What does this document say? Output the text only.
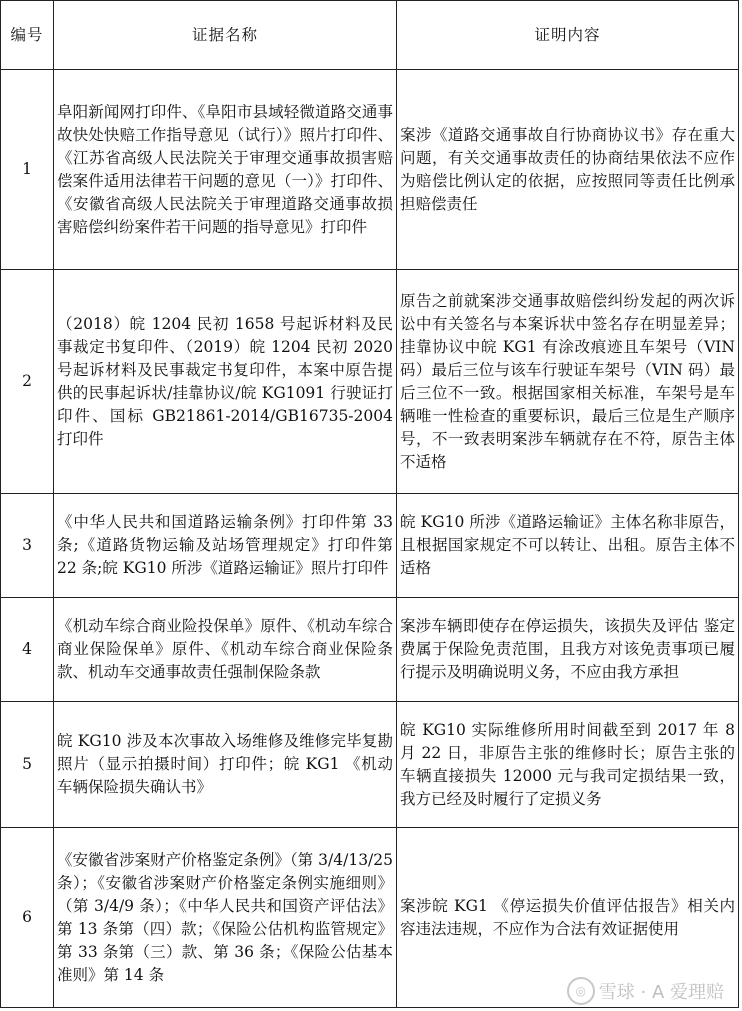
编号	证据名称	证明内容
1	阜阳新闻网打印件、《阜阳市县域轻微道路交通事故快处快赔工作指导意见（试行）》照片打印件、《江苏省高级人民法院关于审理交通事故损害赔偿案件适用法律若干问题的意见（一）》打印件、《安徽省高级人民法院关于审理道路交通事故损害赔偿纠纷案件若干问题的指导意见》打印件	案涉《道路交通事故自行协商协议书》存在重大问题，有关交通事故责任的协商结果依法不应作为赔偿比例认定的依据，应按照同等责任比例承担赔偿责任
2	（2018）皖 1204 民初 1658 号起诉材料及民事裁定书复印件、（2019）皖 1204 民初 2020 号起诉材料及民事裁定书复印件，本案中原告提供的民事起诉状/挂靠协议/皖 KG1091 行驶证打印件、国标 GB21861-2014/GB16735-2004 打印件	原告之前就案涉交通事故赔偿纠纷发起的两次诉讼中有关签名与本案诉状中签名存在明显差异；挂靠协议中皖 KG1 有涂改痕迹且车架号（VIN 码）最后三位与该车行驶证车架号（VIN 码）最后三位不一致。根据国家相关标准，车架号是车辆唯一性检查的重要标识，最后三位是生产顺序号，不一致表明案涉车辆就存在不符，原告主体不适格
3	《中华人民共和国道路运输条例》打印件第 33 条;《道路货物运输及站场管理规定》打印件第 22 条;皖 KG10 所涉《道路运输证》照片打印件	皖 KG10 所涉《道路运输证》主体名称非原告，且根据国家规定不可以转让、出租。原告主体不适格
4	《机动车综合商业险投保单》原件、《机动车综合商业保险保单》原件、《机动车综合商业保险条款、机动车交通事故责任强制保险条款	案涉车辆即使存在停运损失，该损失及评估 鉴定费属于保险免责范围，且我方对该免责事项已履行提示及明确说明义务，不应由我方承担
5	皖 KG10 涉及本次事故入场维修及维修完毕复勘照片（显示拍摄时间）打印件；皖 KG1 《机动车辆保险损失确认书》	皖 KG10 实际维修所用时间截至到 2017 年 8 月 22 日，非原告主张的维修时长；原告主张的车辆直接损失 12000 元与我司定损结果一致，我方已经及时履行了定损义务
6	《安徽省涉案财产价格鉴定条例》（第 3/4/13/25 条）；《安徽省涉案财产价格鉴定条例实施细则》（第 3/4/9 条）；《中华人民共和国资产评估法》第 13 条第（四）款；《保险公估机构监管规定》第 33 条第（三）款、第 36 条；《保险公估基本准则》第 14 条	案涉皖 KG1 《停运损失价值评估报告》相关内容违法违规，不应作为合法有效证据使用
◎ 雪球 · A 爱理赔
